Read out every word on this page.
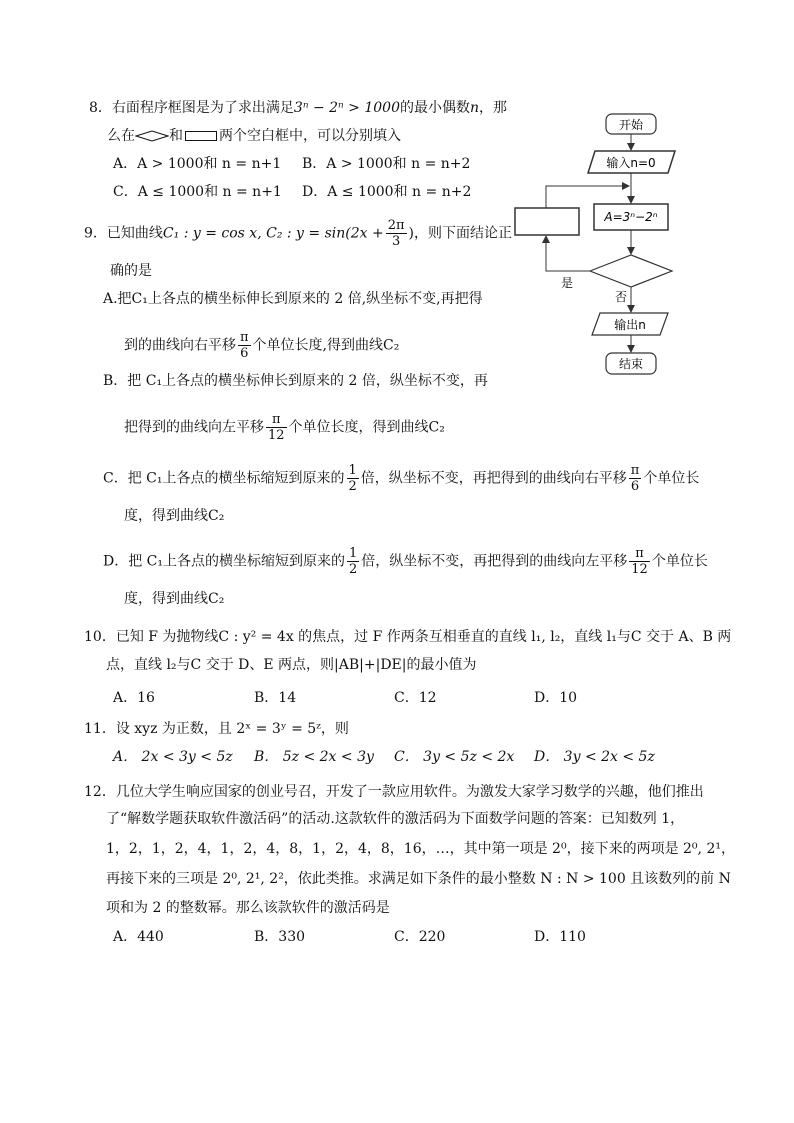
8．右面程序框图是为了求出满足3ⁿ − 2ⁿ > 1000的最小偶数n，那
么在 和	两个空白框中，可以分别填入
A．A > 1000和 n = n+1 B．A > 1000和 n = n+2
C．A ≤ 1000和 n = n+1 D．A ≤ 1000和 n = n+2
9．已知曲线C₁ : y = cos x, C₂ : $y = \sin(2x + \frac{2\pi}{3}$ )，则下面结论正
确的是
A.把C₁上各点的横坐标伸长到原来的 2 倍,纵坐标不变,再把得
到的曲线向右平移 $\frac{\pi}{6}$ 个单位长度,得到曲线C₂
B．把 C₁上各点的横坐标伸长到原来的 2 倍，纵坐标不变，再
把得到的曲线向左平移 $\frac{\pi}{12}$ 个单位长度，得到曲线C₂
C．把 C₁上各点的横坐标缩短到原来的 $\frac{1}{2}$ 倍，纵坐标不变，再把得到的曲线向右平移 $\frac{\pi}{6}$ 个单位长
度，得到曲线C₂
D．把 C₁上各点的横坐标缩短到原来的 $\frac{1}{2}$ 倍，纵坐标不变，再把得到的曲线向左平移 $\frac{\pi}{12}$ 个单位长
度，得到曲线C₂
10．已知 F 为抛物线C : y² = 4x 的焦点，过 F 作两条互相垂直的直线 l₁, l₂，直线 l₁与C 交于 A、B 两
点，直线 l₂与C 交于 D、E 两点，则|AB|+|DE|的最小值为
A．16	B．14	C．12	D．10
11．设 xyz 为正数，且 2ˣ = 3ʸ = 5ᶻ，则
A． 2x < 3y < 5z B． 5z < 2x < 3y C． 3y < 5z < 2x D． 3y < 2x < 5z
12．几位大学生响应国家的创业号召，开发了一款应用软件。为激发大家学习数学的兴趣，他们推出
了“解数学题获取软件激活码”的活动.这款软件的激活码为下面数学问题的答案：已知数列 1，
1，2，1，2，4，1，2，4，8，1，2，4，8，16，…，其中第一项是 2⁰，接下来的两项是 2⁰, 2¹，
再接下来的三项是 2⁰, 2¹, 2²，依此类推。求满足如下条件的最小整数 N : N > 100 且该数列的前 N
项和为 2 的整数幂。那么该款软件的激活码是
A．440	B．330	C．220	D．110
开始
输入n=0
A=3ⁿ−2ⁿ
是
否
输出n
结束
